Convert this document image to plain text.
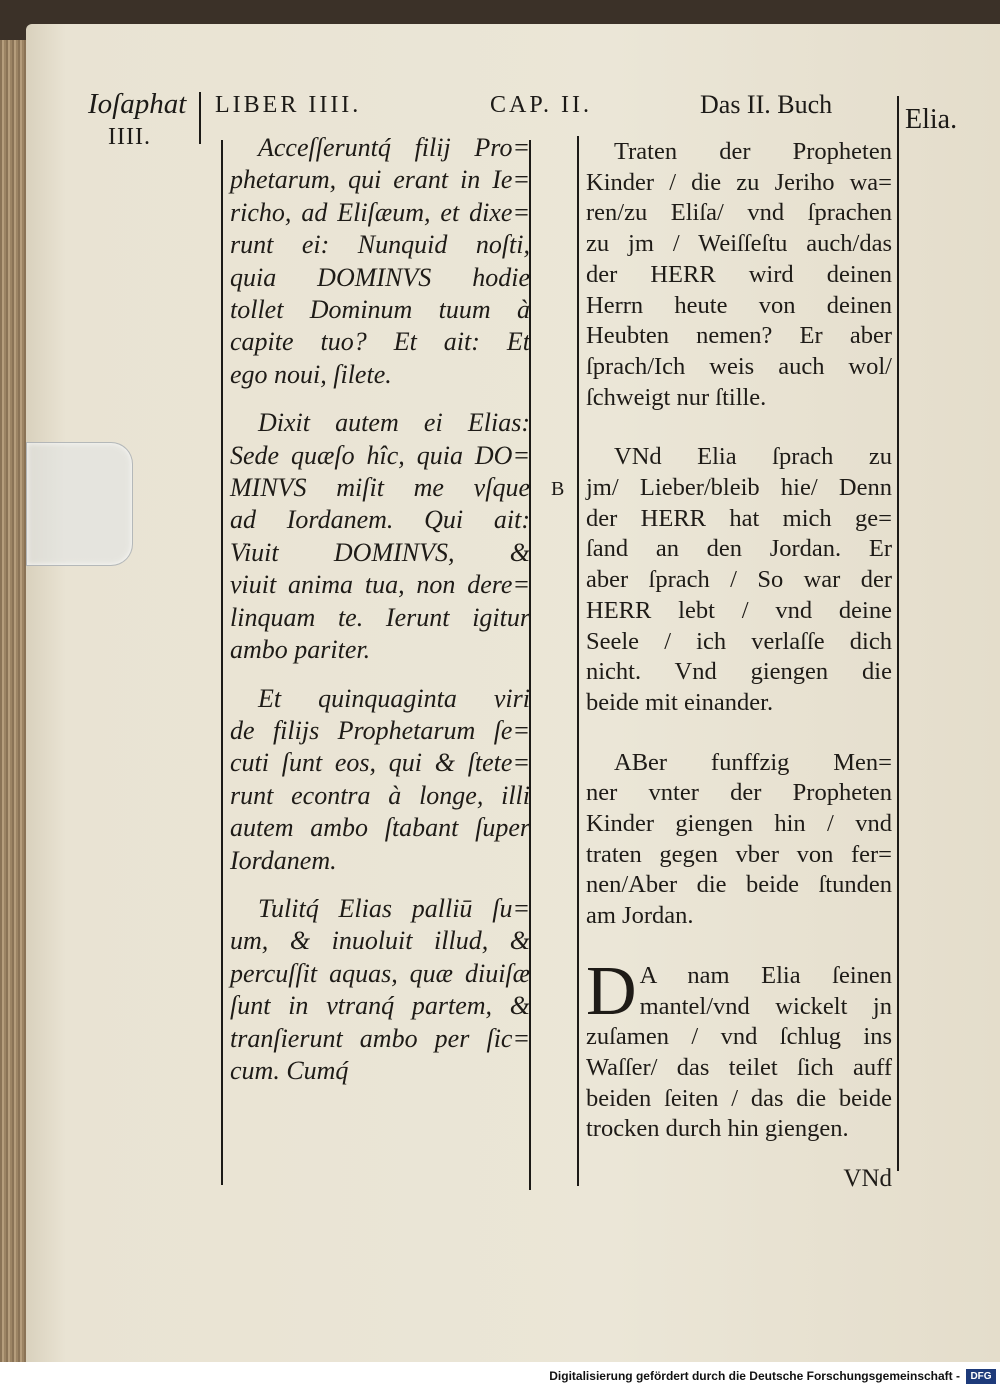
Ioſaphat
IIII.
LIBER IIII.	CAP. II.	Das II. Buch	Elia.
B
Acceſſeruntq́ filij Pro=
phetarum, qui erant in Ie=
richo, ad Eliſæum, et dixe=
runt ei: Nunquid noſti,
quia DOMINVS hodie
tollet Dominum tuum à
capite tuo? Et ait: Et
ego noui, ſilete.
Dixit autem ei Elias:
Sede quæſo hîc, quia DO=
MINVS miſit me vſque
ad Iordanem. Qui ait:
Viuit DOMINVS, &
viuit anima tua, non dere=
linquam te. Ierunt igitur
ambo pariter.
Et quinquaginta viri
de filijs Prophetarum ſe=
cuti ſunt eos, qui & ſtete=
runt econtra à longe, illi
autem ambo ſtabant ſuper
Iordanem.
Tulitq́ Elias palliū ſu=
um, & inuoluit illud, &
percuſſit aquas, quæ diuiſæ
ſunt in vtranq́ partem, &
tranſierunt ambo per ſic=
cum. Cumq́
Traten der Propheten
Kinder / die zu Jeriho wa=
ren/zu Eliſa/ vnd ſprachen
zu jm / Weiſſeſtu auch/das
der HERR wird deinen
Herrn heute von deinen
Heubten nemen? Er aber
ſprach/Ich weis auch wol/
ſchweigt nur ſtille.
VNd Elia ſprach zu
jm/ Lieber/bleib hie/ Denn
der HERR hat mich ge=
ſand an den Jordan. Er
aber ſprach / So war der
HERR lebt / vnd deine
Seele / ich verlaſſe dich
nicht. Vnd giengen die
beide mit einander.
ABer funffzig Men=
ner vnter der Propheten
Kinder giengen hin / vnd
traten gegen vber von fer=
nen/Aber die beide ſtunden
am Jordan.
D A nam Elia ſeinen
mantel/vnd wickelt jn
zuſamen / vnd ſchlug ins
Waſſer/ das teilet ſich auff
beiden ſeiten / das die beide
trocken durch hin giengen.
VNd
Digitalisierung gefördert durch die Deutsche Forschungsgemeinschaft -	DFG
